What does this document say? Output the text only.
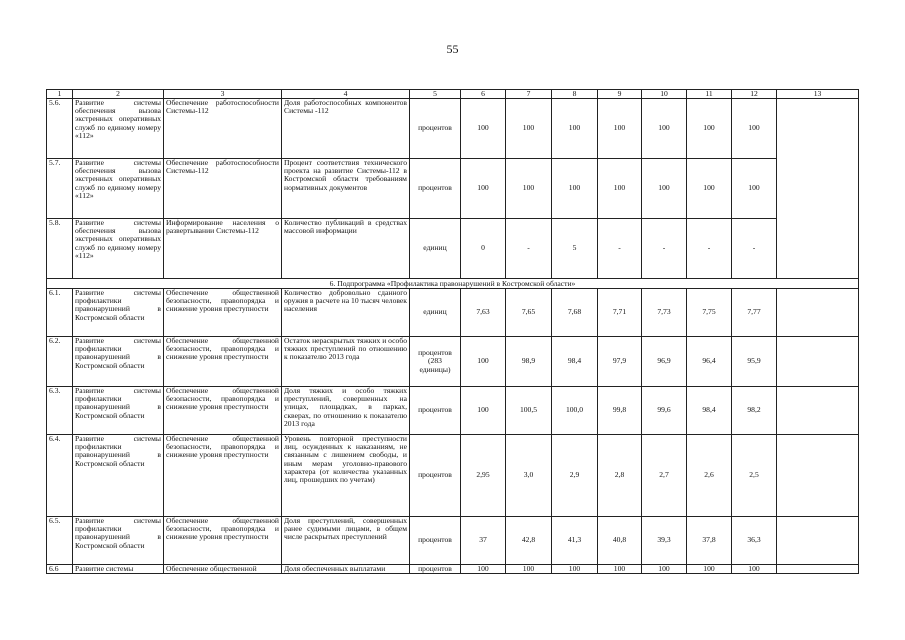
55
1	2	3	4	5	6	7	8	9	10	11	12	13
5.6.	Развитие системы обеспечения вызова экстренных оперативных служб по единому номеру «112»	Обеспечение работоспособности Системы-112	Доля работоспособных компонентов Системы -112	процентов	100	100	100	100	100	100	100	
5.7.	Развитие системы обеспечения вызова экстренных оперативных служб по единому номеру «112»	Обеспечение работоспособности Системы-112	Процент соответствия технического проекта на развитие Системы-112 в Костромской области требованиям нормативных документов	процентов	100	100	100	100	100	100	100	
5.8.	Развитие системы обеспечения вызова экстренных оперативных служб по единому номеру «112»	Информирование населения о развертывании Системы-112	Количество публикаций в средствах массовой информации	единиц	0	-	5	-	-	-	-	
6. Подпрограмма «Профилактика правонарушений в Костромской области»												
6.1.	Развитие системы профилактики правонарушений в Костромской области	Обеспечение общественной безопасности, правопорядка и снижение уровня преступности	Количество добровольно сданного оружия в расчете на 10 тысяч человек населения	единиц	7,63	7,65	7,68	7,71	7,73	7,75	7,77	
6.2.	Развитие системы профилактики правонарушений в Костромской области	Обеспечение общественной безопасности, правопорядка и снижение уровня преступности	Остаток нераскрытых тяжких и особо тяжких преступлений по отношению к показателю 2013 года	процентов (283 единицы)	100	98,9	98,4	97,9	96,9	96,4	95,9	
6.3.	Развитие системы профилактики правонарушений в Костромской области	Обеспечение общественной безопасности, правопорядка и снижение уровня преступности	Доля тяжких и особо тяжких преступлений, совершенных на улицах, площадках, в парках, скверах, по отношению к показателю 2013 года	процентов	100	100,5	100,0	99,8	99,6	98,4	98,2	
6.4.	Развитие системы профилактики правонарушений в Костромской области	Обеспечение общественной безопасности, правопорядка и снижение уровня преступности	Уровень повторной преступности лиц, осужденных к наказаниям, не связанным с лишением свободы, и иным мерам уголовно-правового характера (от количества указанных лиц, прошедших по учетам)	процентов	2,95	3,0	2,9	2,8	2,7	2,6	2,5	
6.5.	Развитие системы профилактики правонарушений в Костромской области	Обеспечение общественной безопасности, правопорядка и снижение уровня преступности	Доля преступлений, совершенных ранее судимыми лицами, в общем числе раскрытых преступлений	процентов	37	42,8	41,3	40,8	39,3	37,8	36,3	
6.6	Развитие системы	Обеспечение общественной	Доля обеспеченных выплатами	процентов	100	100	100	100	100	100	100	
